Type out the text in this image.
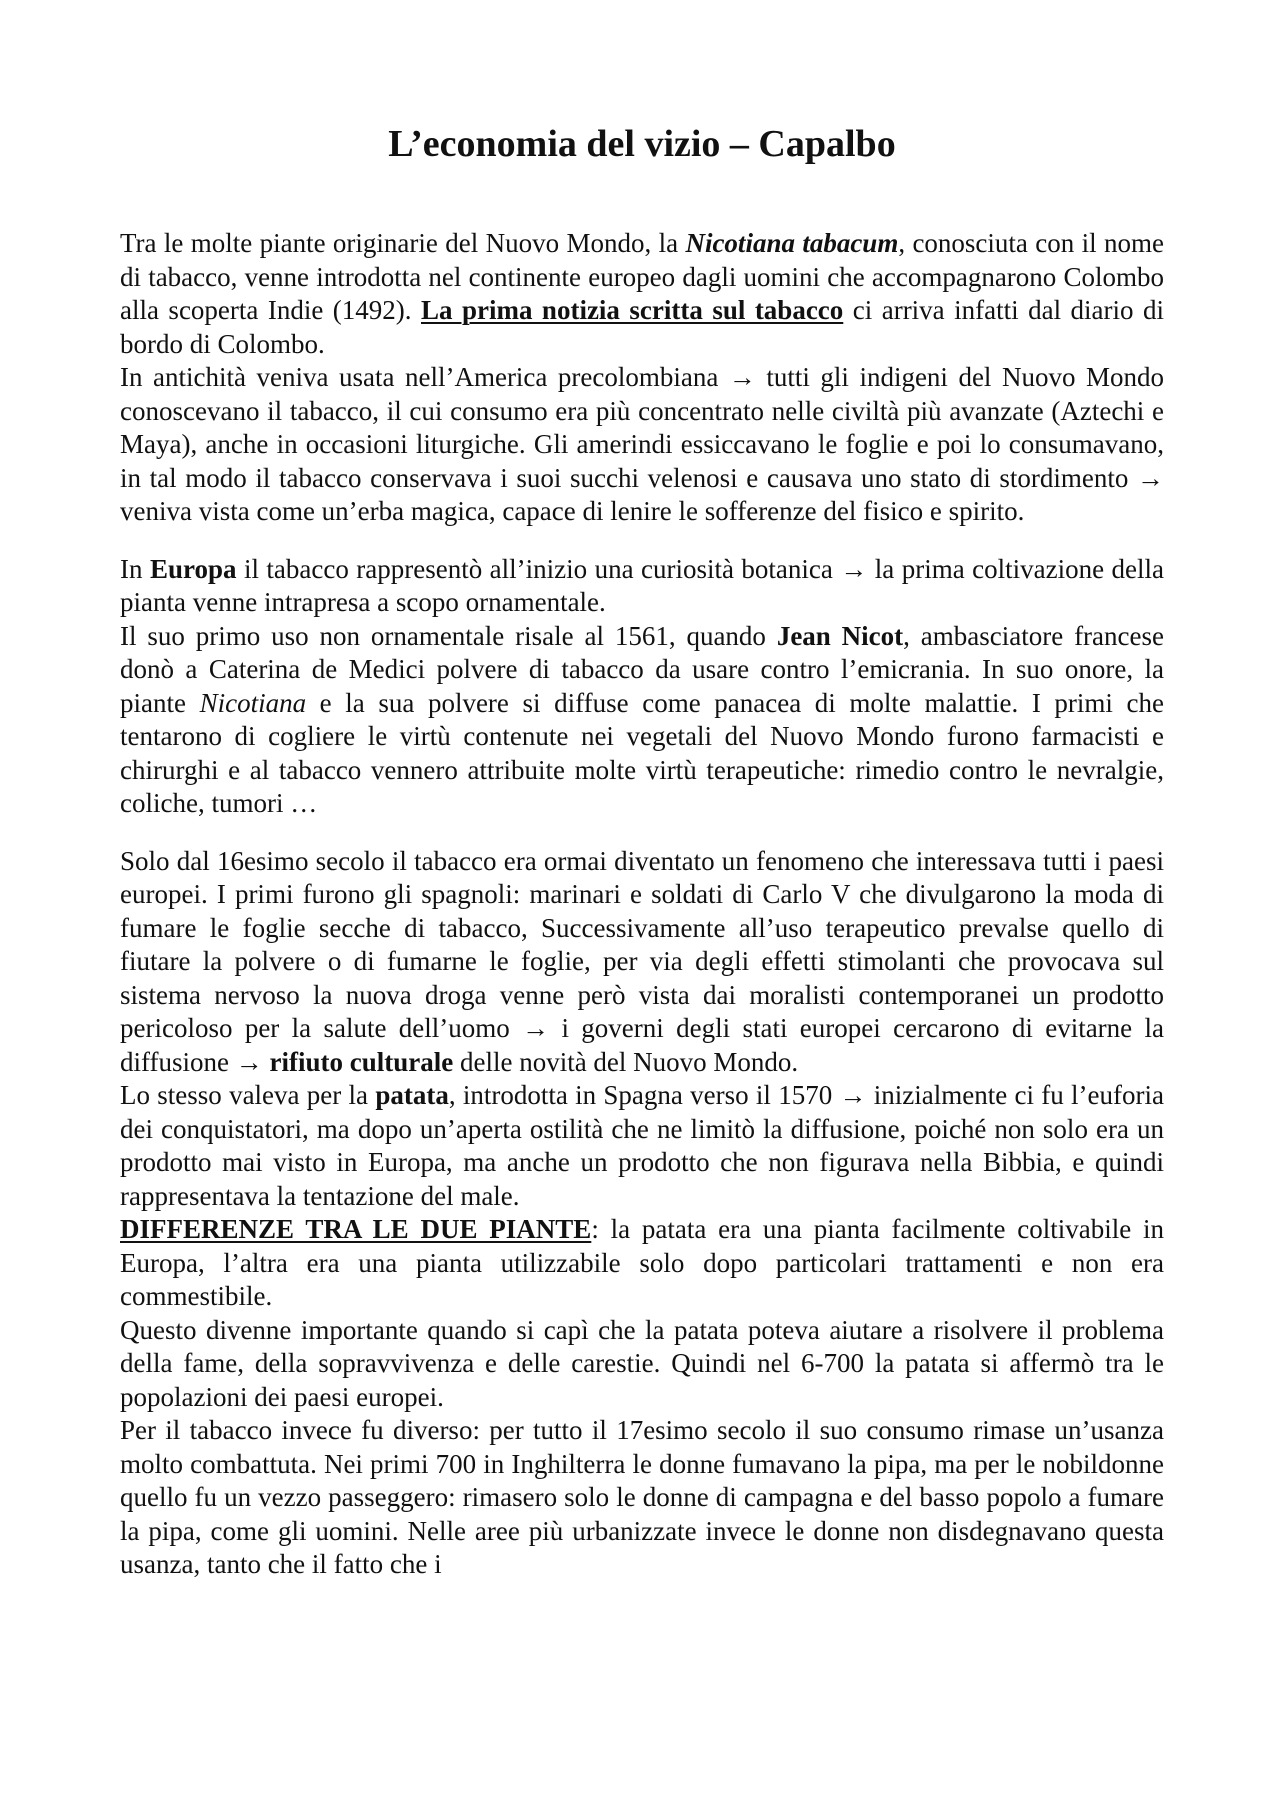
L’economia del vizio – Capalbo

Tra le molte piante originarie del Nuovo Mondo, la Nicotiana tabacum, conosciuta con il nome di tabacco, venne introdotta nel continente europeo dagli uomini che accompagnarono Colombo alla scoperta Indie (1492). La prima notizia scritta sul tabacco ci arriva infatti dal diario di bordo di Colombo.

In antichità veniva usata nell’America precolombiana → tutti gli indigeni del Nuovo Mondo conoscevano il tabacco, il cui consumo era più concentrato nelle civiltà più avanzate (Aztechi e Maya), anche in occasioni liturgiche. Gli amerindi essiccavano le foglie e poi lo consumavano, in tal modo il tabacco conservava i suoi succhi velenosi e causava uno stato di stordimento → veniva vista come un’erba magica, capace di lenire le sofferenze del fisico e spirito.

In Europa il tabacco rappresentò all’inizio una curiosità botanica → la prima coltivazione della pianta venne intrapresa a scopo ornamentale.

Il suo primo uso non ornamentale risale al 1561, quando Jean Nicot, ambasciatore francese donò a Caterina de Medici polvere di tabacco da usare contro l’emicrania. In suo onore, la piante Nicotiana e la sua polvere si diffuse come panacea di molte malattie. I primi che tentarono di cogliere le virtù contenute nei vegetali del Nuovo Mondo furono farmacisti e chirurghi e al tabacco vennero attribuite molte virtù terapeutiche: rimedio contro le nevralgie, coliche, tumori …

Solo dal 16esimo secolo il tabacco era ormai diventato un fenomeno che interessava tutti i paesi europei. I primi furono gli spagnoli: marinari e soldati di Carlo V che divulgarono la moda di fumare le foglie secche di tabacco, Successivamente all’uso terapeutico prevalse quello di fiutare la polvere o di fumarne le foglie, per via degli effetti stimolanti che provocava sul sistema nervoso la nuova droga venne però vista dai moralisti contemporanei un prodotto pericoloso per la salute dell’uomo → i governi degli stati europei cercarono di evitarne la diffusione → rifiuto culturale delle novità del Nuovo Mondo.

Lo stesso valeva per la patata, introdotta in Spagna verso il 1570 → inizialmente ci fu l’euforia dei conquistatori, ma dopo un’aperta ostilità che ne limitò la diffusione, poiché non solo era un prodotto mai visto in Europa, ma anche un prodotto che non figurava nella Bibbia, e quindi rappresentava la tentazione del male.

DIFFERENZE TRA LE DUE PIANTE: la patata era una pianta facilmente coltivabile in Europa, l’altra era una pianta utilizzabile solo dopo particolari trattamenti e non era commestibile.

Questo divenne importante quando si capì che la patata poteva aiutare a risolvere il problema della fame, della sopravvivenza e delle carestie. Quindi nel 6-700 la patata si affermò tra le popolazioni dei paesi europei.

Per il tabacco invece fu diverso: per tutto il 17esimo secolo il suo consumo rimase un’usanza molto combattuta. Nei primi 700 in Inghilterra le donne fumavano la pipa, ma per le nobildonne quello fu un vezzo passeggero: rimasero solo le donne di campagna e del basso popolo a fumare la pipa, come gli uomini. Nelle aree più urbanizzate invece le donne non disdegnavano questa usanza, tanto che il fatto che i
